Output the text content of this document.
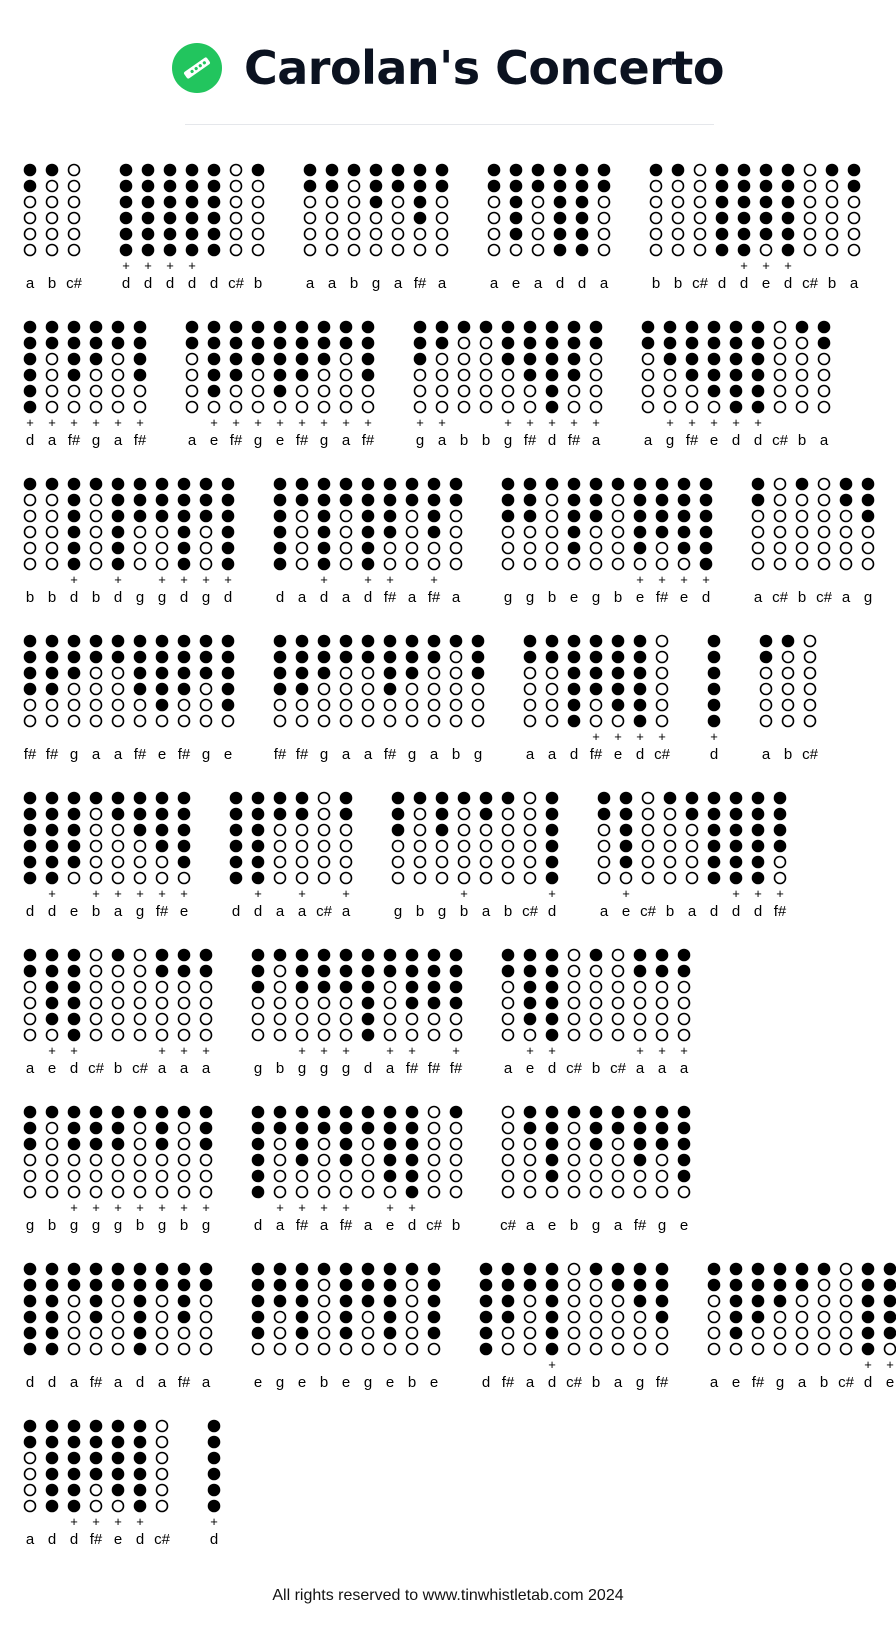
Carolan's Concerto
a b c#
+
d
+
d
+
d
+
d d c# b	a a b g a f# a	a e a d d a	b b c# d
+
d
+
e
+
d c# b a
+
d
+
a
+
f#
+
g
+
a
+
f#	a
+
e
+
f#
+
g
+
e
+
f#
+
g
+
a
+
f#
+
g
+
a b b
+
g
+
f#
+
d
+
f#
+
a	a
+
g
+
f#
+
e
+
d
+
d c# b a
b b
+
d b
+
d g
+
g
+
d
+
g
+
d	d a
+
d a
+
d
+
f# a
+
f# a	g g b e g b
+
e
+
f#
+
e
+
d	a c# b c# a g
f# f# g a a f# e f# g e	f# f# g a a f# g a b g	a a d
+
f#
+
e
+
d
+
c#
+
d	a b c#
d
+
d e
+
b
+
a
+
g
+
f#
+
e	d
+
d a
+
a c#
+
a	g b g
+
b a b c#
+
d	a
+
e c# b a d
+
d
+
d
+
f#
a
+
e
+
d c# b c#
+
a
+
a
+
a	g b
+
g
+
g
+
g d
+
a
+
f# f#
+
f#	a
+
e
+
d c# b c#
+
a
+
a
+
a
g b
+
g
+
g
+
g
+
b
+
g
+
b
+
g	d
+
a
+
f#
+
a
+
f# a
+
e
+
d c# b	c# a e b g a f# g e
d d a f# a d a f# a	e g e b e g e b e	d f# a
+
d c# b a g f#	a e f# g a b c#
+
d
+
e
a d
+
d
+
f#
+
e
+
d c#
+
d
All rights reserved to www.tinwhistletab.com 2024
